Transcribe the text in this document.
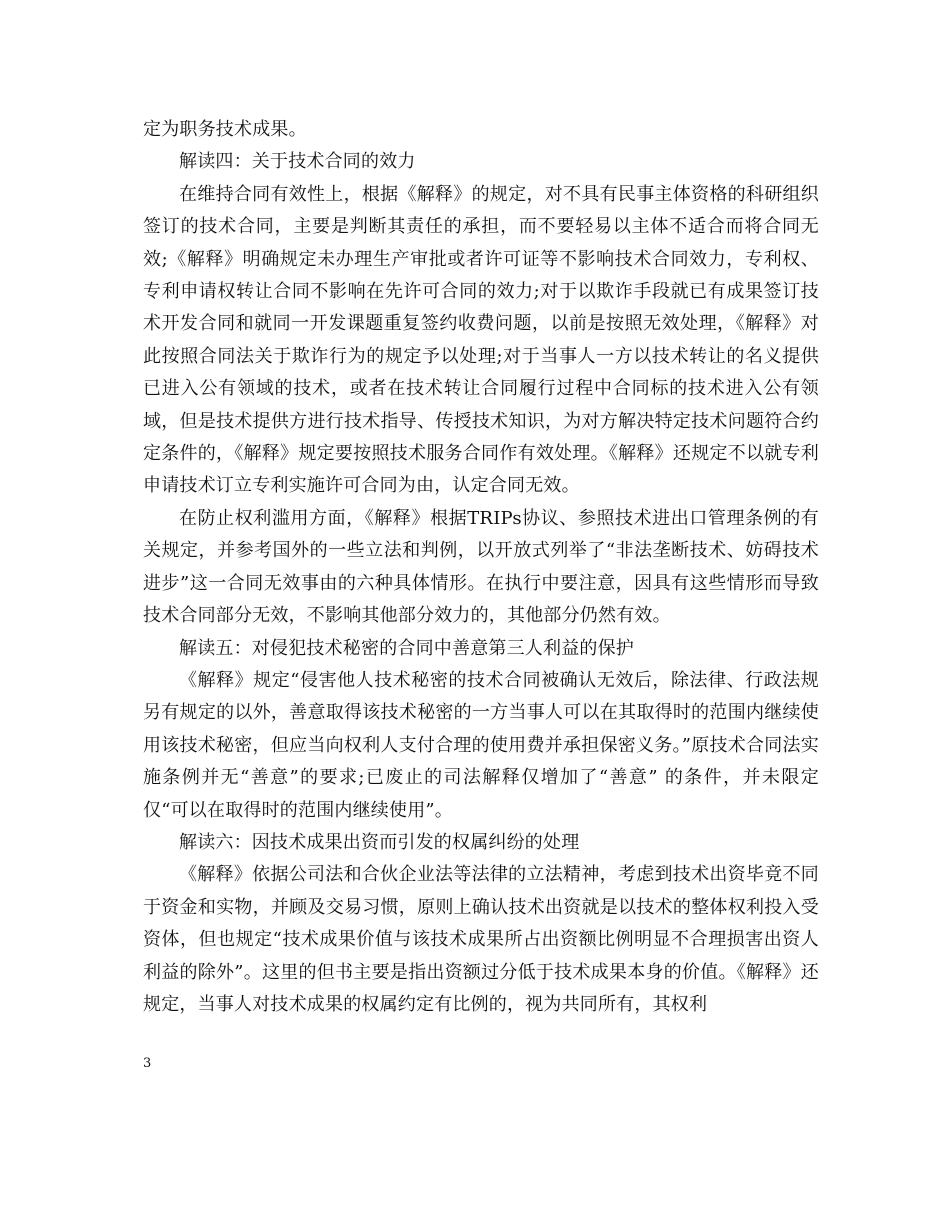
定为职务技术成果。

解读四：关于技术合同的效力

在维持合同有效性上，根据《解释》的规定，对不具有民事主体资格的科研组织签订的技术合同，主要是判断其责任的承担，而不要轻易以主体不适合而将合同无效;《解释》明确规定未办理生产审批或者许可证等不影响技术合同效力，专利权、专利申请权转让合同不影响在先许可合同的效力;对于以欺诈手段就已有成果签订技术开发合同和就同一开发课题重复签约收费问题，以前是按照无效处理，《解释》对此按照合同法关于欺诈行为的规定予以处理;对于当事人一方以技术转让的名义提供已进入公有领域的技术，或者在技术转让合同履行过程中合同标的技术进入公有领域，但是技术提供方进行技术指导、传授技术知识，为对方解决特定技术问题符合约定条件的，《解释》规定要按照技术服务合同作有效处理。《解释》还规定不以就专利申请技术订立专利实施许可合同为由，认定合同无效。

在防止权利滥用方面，《解释》根据TRIPs协议、参照技术进出口管理条例的有关规定，并参考国外的一些立法和判例，以开放式列举了“非法垄断技术、妨碍技术进步”这一合同无效事由的六种具体情形。在执行中要注意，因具有这些情形而导致技术合同部分无效，不影响其他部分效力的，其他部分仍然有效。

解读五：对侵犯技术秘密的合同中善意第三人利益的保护

《解释》规定“侵害他人技术秘密的技术合同被确认无效后，除法律、行政法规另有规定的以外，善意取得该技术秘密的一方当事人可以在其取得时的范围内继续使用该技术秘密，但应当向权利人支付合理的使用费并承担保密义务。”原技术合同法实施条例并无“善意”的要求;已废止的司法解释仅增加了“善意” 的条件，并未限定仅“可以在取得时的范围内继续使用”。

解读六：因技术成果出资而引发的权属纠纷的处理

《解释》依据公司法和合伙企业法等法律的立法精神，考虑到技术出资毕竟不同于资金和实物，并顾及交易习惯，原则上确认技术出资就是以技术的整体权利投入受资体，但也规定“技术成果价值与该技术成果所占出资额比例明显不合理损害出资人利益的除外”。这里的但书主要是指出资额过分低于技术成果本身的价值。《解释》还规定，当事人对技术成果的权属约定有比例的，视为共同所有，其权利

3
